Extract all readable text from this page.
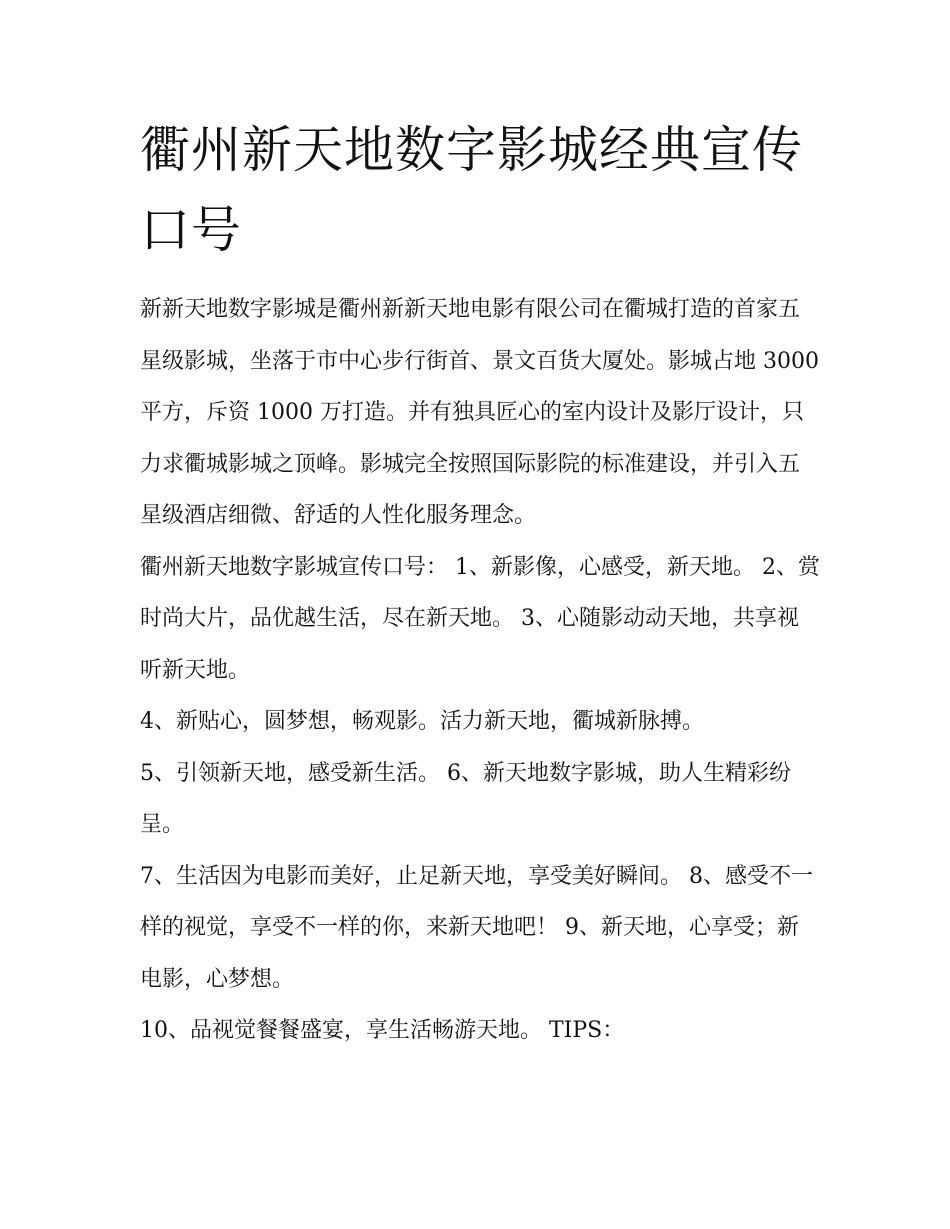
衢州新天地数字影城经典宣传口号

新新天地数字影城是衢州新新天地电影有限公司在衢城打造的首家五星级影城，坐落于市中心步行街首、景文百货大厦处。影城占地 3000 平方，斥资 1000 万打造。并有独具匠心的室内设计及影厅设计，只力求衢城影城之顶峰。影城完全按照国际影院的标准建设，并引入五星级酒店细微、舒适的人性化服务理念。

衢州新天地数字影城宣传口号： 1、新影像，心感受，新天地。 2、赏时尚大片，品优越生活，尽在新天地。 3、心随影动动天地，共享视听新天地。

4、新贴心，圆梦想，畅观影。活力新天地，衢城新脉搏。

5、引领新天地，感受新生活。 6、新天地数字影城，助人生精彩纷呈。

7、生活因为电影而美好，止足新天地，享受美好瞬间。 8、感受不一样的视觉，享受不一样的你，来新天地吧！ 9、新天地，心享受；新电影，心梦想。

10、品视觉餐餐盛宴，享生活畅游天地。 TIPS：
